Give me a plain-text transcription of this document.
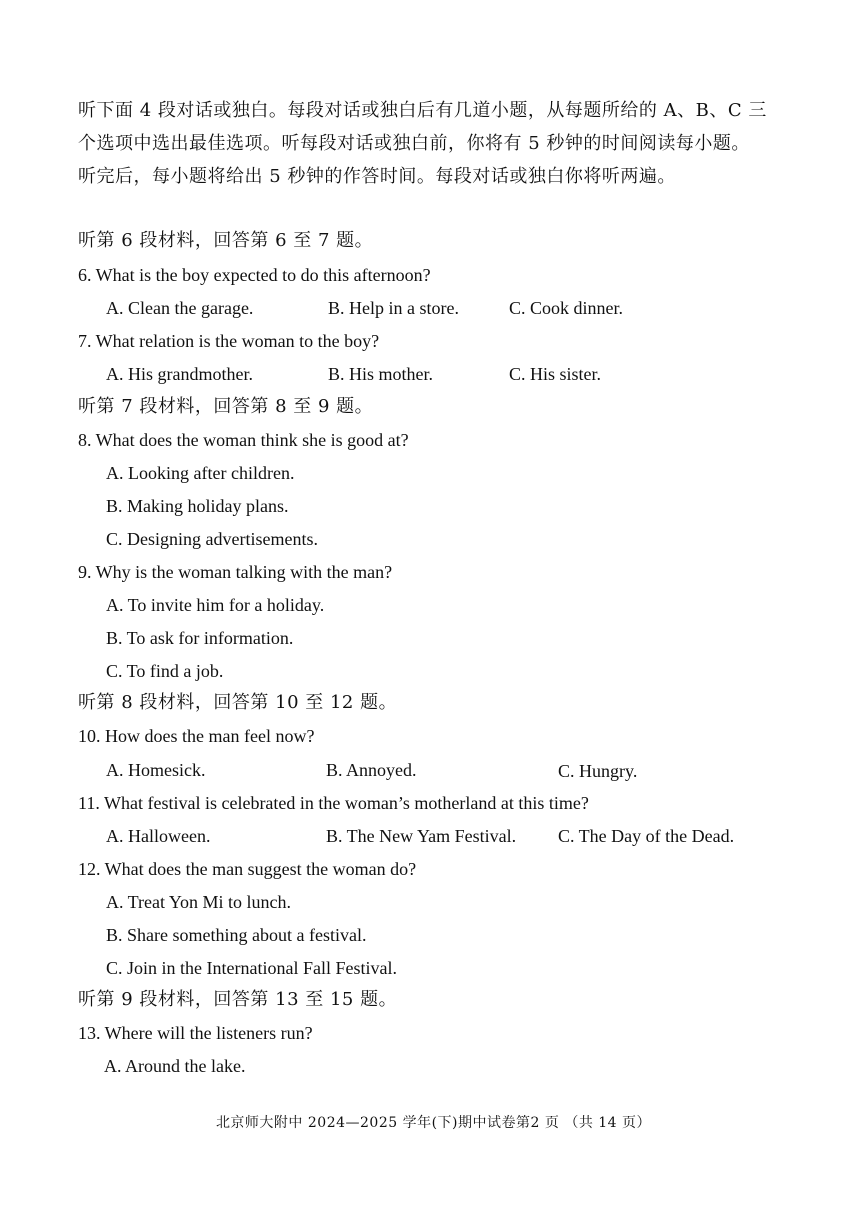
听下面 4 段对话或独白。每段对话或独白后有几道小题，从每题所给的 A、B、C 三个选项中选出最佳选项。听每段对话或独白前，你将有 5 秒钟的时间阅读每小题。听完后，每小题将给出 5 秒钟的作答时间。每段对话或独白你将听两遍。
听第 6 段材料，回答第 6 至 7 题。
6. What is the boy expected to do this afternoon?
A. Clean the garage.	B. Help in a store.	C. Cook dinner.
7. What relation is the woman to the boy?
A. His grandmother.	B. His mother.	C. His sister.
听第 7 段材料，回答第 8 至 9 题。
8. What does the woman think she is good at?
A. Looking after children.
B. Making holiday plans.
C. Designing advertisements.
9. Why is the woman talking with the man?
A. To invite him for a holiday.
B. To ask for information.
C. To find a job.
听第 8 段材料，回答第 10 至 12 题。
10. How does the man feel now?
A. Homesick.	B. Annoyed.	C. Hungry.
11. What festival is celebrated in the woman’s motherland at this time?
A. Halloween.	B. The New Yam Festival. C. The Day of the Dead.
12. What does the man suggest the woman do?
A. Treat Yon Mi to lunch.
B. Share something about a festival.
C. Join in the International Fall Festival.
听第 9 段材料，回答第 13 至 15 题。
13. Where will the listeners run?
A. Around the lake.
北京师大附中 2024—2025 学年(下)期中试卷第2 页 （共 14 页）
